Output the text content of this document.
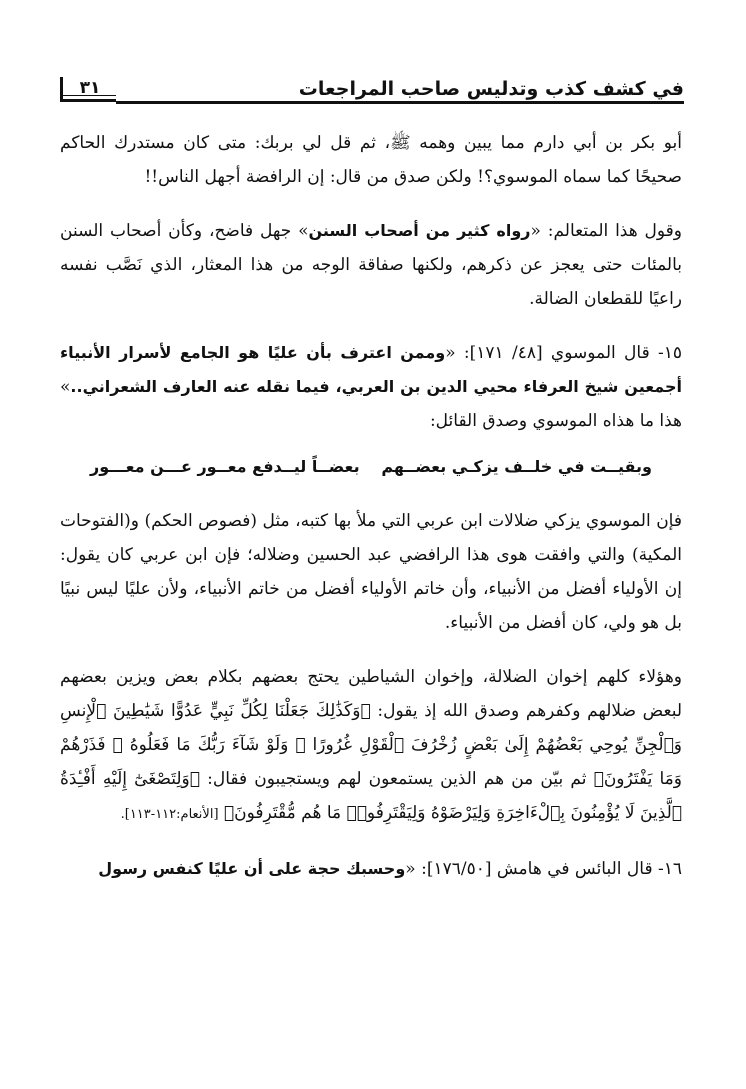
في كشف كذب وتدليس صاحب المراجعات
٣١

أبو بكر بن أبي دارم مما يبين وهمه ﷺ، ثم قل لي بربك: متى كان مستدرك الحاكم صحيحًا كما سماه الموسوي؟! ولكن صدق من قال: إن الرافضة أجهل الناس!!

وقول هذا المتعالم: «رواه كثير من أصحاب السنن» جهل فاضح، وكأن أصحاب السنن بالمئات حتى يعجز عن ذكرهم، ولكنها صفاقة الوجه من هذا المعثار، الذي نَصَّب نفسه راعيًا للقطعان الضالة.

١٥- قال الموسوي [٤٨/ ١٧١]: «وممن اعترف بأن عليًا هو الجامع لأسرار الأنبياء أجمعين شيخ العرفاء محيي الدين بن العربي، فيما نقله عنه العارف الشعراني..» هذا ما هذاه الموسوي وصدق القائل:

وبقيــت في خلــف يزكـي بعضــهم
بعضــاً ليــدفع معــور عـــن معـــور

فإن الموسوي يزكي ضلالات ابن عربي التي ملأ بها كتبه، مثل (فصوص الحكم) و(الفتوحات المكية) والتي وافقت هوى هذا الرافضي عبد الحسين وضلاله؛ فإن ابن عربي كان يقول: إن الأولياء أفضل من الأنبياء، وأن خاتم الأولياء أفضل من خاتم الأنبياء، ولأن عليًا ليس نبيًا بل هو ولي، كان أفضل من الأنبياء.

وهؤلاء كلهم إخوان الضلالة، وإخوان الشياطين يحتج بعضهم بكلام بعض ويزين بعضهم لبعض ضلالهم وكفرهم وصدق الله إذ يقول: ﴿وَكَذَٰلِكَ جَعَلْنَا لِكُلِّ نَبِيٍّ عَدُوًّا شَيَٰطِينَ ٱلْإِنسِ وَٱلْجِنِّ يُوحِي بَعْضُهُمْ إِلَىٰ بَعْضٍ زُخْرُفَ ٱلْقَوْلِ غُرُورًا ۚ وَلَوْ شَآءَ رَبُّكَ مَا فَعَلُوهُ ۖ فَذَرْهُمْ وَمَا يَفْتَرُونَ﴾ ثم بيّن من هم الذين يستمعون لهم ويستجيبون فقال: ﴿وَلِتَصْغَىٰٓ إِلَيْهِ أَفْـِٔدَةُ ٱلَّذِينَ لَا يُؤْمِنُونَ بِٱلْءَاخِرَةِ وَلِيَرْضَوْهُ وَلِيَقْتَرِفُوا۟ مَا هُم مُّقْتَرِفُونَ﴾ [الأنعام:١١٢-١١٣].

١٦- قال البائس في هامش [١٧٦/٥٠]: «وحسبك حجة على أن عليًا كنفس رسول
